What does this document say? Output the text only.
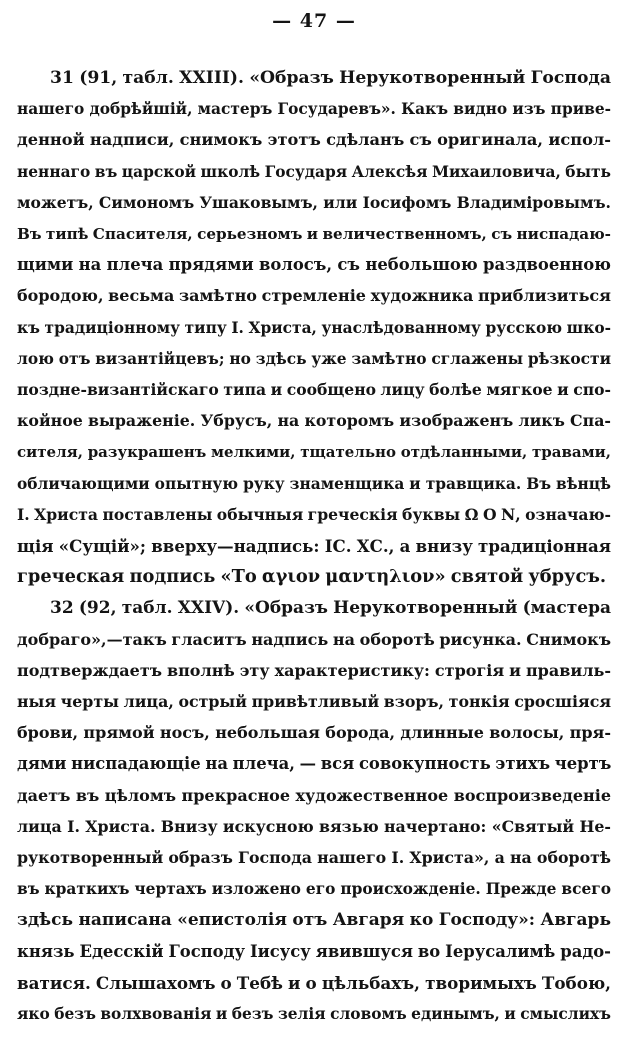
— 47 —
31 (91, табл. XXIII). «Образъ Нерукотворенный Господа
нашего добрѣйшій, мастеръ Государевъ». Какъ видно изъ приве-
денной надписи, снимокъ этотъ сдѣланъ съ оригинала, испол-
неннаго въ царской школѣ Государя Алексѣя Михаиловича, быть
можетъ, Симономъ Ушаковымъ, или Іосифомъ Владиміровымъ.
Въ типѣ Спасителя, серьезномъ и величественномъ, съ ниспадаю-
щими на плеча прядями волосъ, съ небольшою раздвоенною
бородою, весьма замѣтно стремленіе художника приблизиться
къ традиціонному типу І. Христа, унаслѣдованному русскою шко-
лою отъ византійцевъ; но здѣсь уже замѣтно сглажены рѣзкости
поздне-византійскаго типа и сообщено лицу болѣе мягкое и спо-
койное выраженіе. Убрусъ, на которомъ изображенъ ликъ Спа-
сителя, разукрашенъ мелкими, тщательно отдѣланными, травами,
обличающими опытную руку знаменщика и травщика. Въ вѣнцѣ
І. Христа поставлены обычныя греческія буквы Ω Ο Ν, означаю-
щія «Сущій»; вверху—надпись: ІС. ХС., а внизу традиціонная
греческая подпись «Το αγιον μαντηλιον» святой убрусъ.
32 (92, табл. XXIV). «Образъ Нерукотворенный (мастера
добраго»,—такъ гласитъ надпись на оборотѣ рисунка. Снимокъ
подтверждаетъ вполнѣ эту характеристику: строгія и правиль-
ныя черты лица, острый привѣтливый взоръ, тонкія сросшіяся
брови, прямой носъ, небольшая борода, длинные волосы, пря-
дями ниспадающіе на плеча, — вся совокупность этихъ чертъ
даетъ въ цѣломъ прекрасное художественное воспроизведеніе
лица І. Христа. Внизу искусною вязью начертано: «Святый Не-
рукотворенный образъ Господа нашего І. Христа», а на оборотѣ
въ краткихъ чертахъ изложено его происхожденіе. Прежде всего
здѣсь написана «епистолія отъ Авгаря ко Господу»: Авгарь
князь Едесскій Господу Іисусу явившуся во Іерусалимѣ радо-
ватися. Слышахомъ о Тебѣ и о цѣльбахъ, творимыхъ Тобою,
яко безъ волхвованія и безъ зелія словомъ единымъ, и смыслихъ
